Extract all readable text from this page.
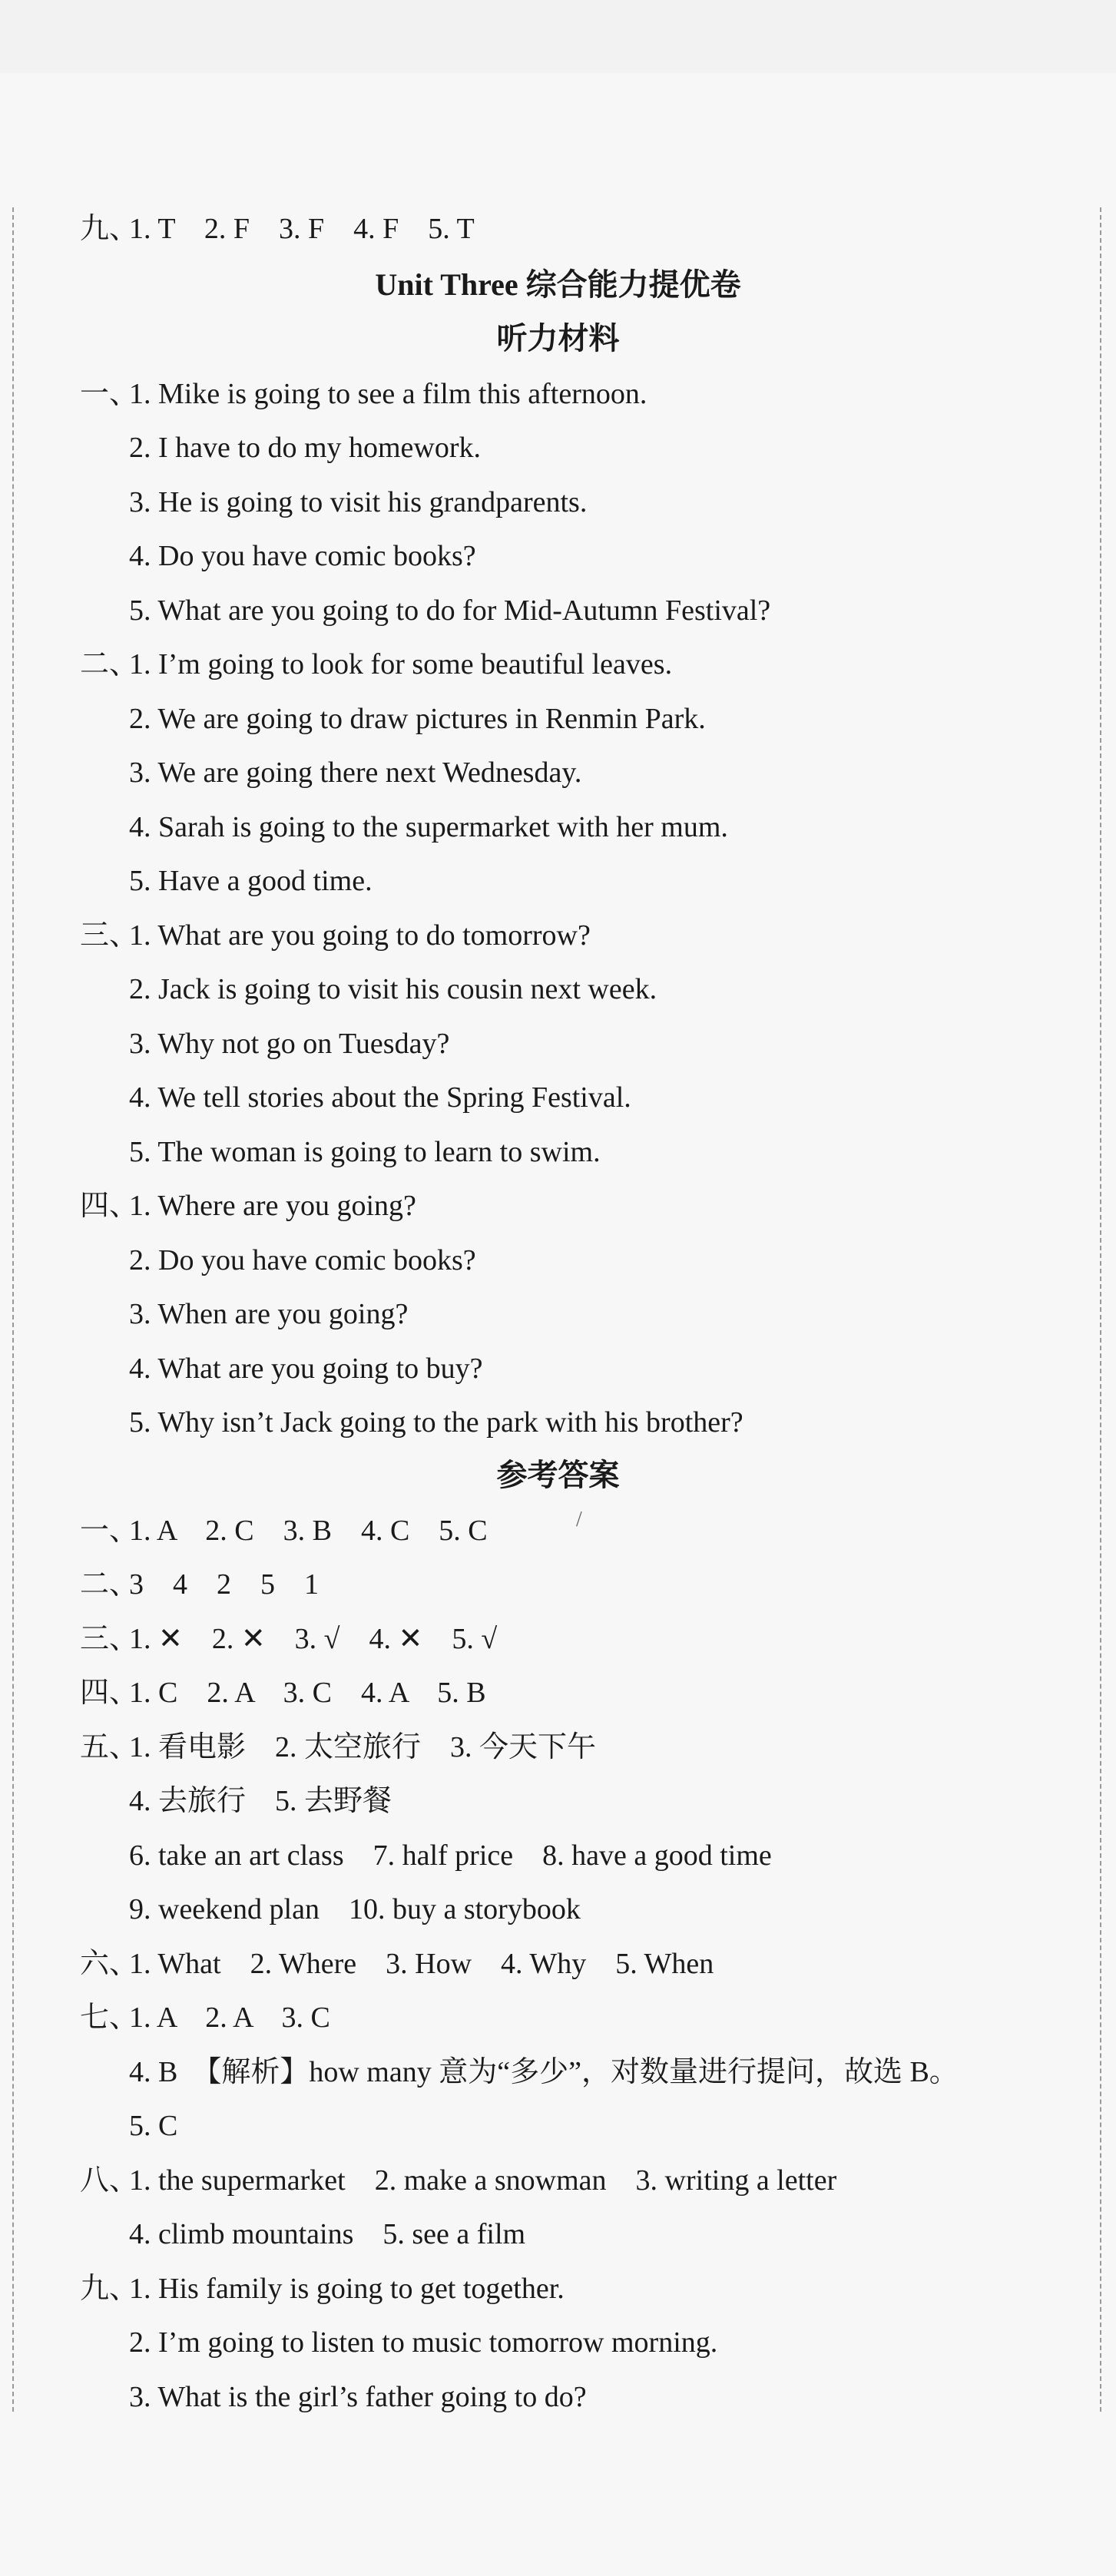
九、
1. T　2. F　3. F　4. F　5. T
Unit Three 综合能力提优卷
听力材料
一、
1. Mike is going to see a film this afternoon.
2. I have to do my homework.
3. He is going to visit his grandparents.
4. Do you have comic books?
5. What are you going to do for Mid-Autumn Festival?
二、
1. I’m going to look for some beautiful leaves.
2. We are going to draw pictures in Renmin Park.
3. We are going there next Wednesday.
4. Sarah is going to the supermarket with her mum.
5. Have a good time.
三、
1. What are you going to do tomorrow?
2. Jack is going to visit his cousin next week.
3. Why not go on Tuesday?
4. We tell stories about the Spring Festival.
5. The woman is going to learn to swim.
四、
1. Where are you going?
2. Do you have comic books?
3. When are you going?
4. What are you going to buy?
5. Why isn’t Jack going to the park with his brother?
参考答案
/
一、
1. A　2. C　3. B　4. C　5. C
二、
3　4　2　5　1
三、
1. ✕　2. ✕　3. √　4. ✕　5. √
四、
1. C　2. A　3. C　4. A　5. B
五、
1. 看电影　2. 太空旅行　3. 今天下午
4. 去旅行　5. 去野餐
6. take an art class　7. half price　8. have a good time
9. weekend plan　10. buy a storybook
六、
1. What　2. Where　3. How　4. Why　5. When
七、
1. A　2. A　3. C
4. B　【解析】how many 意为“多少”，对数量进行提问，故选 B。
5. C
八、
1. the supermarket　2. make a snowman　3. writing a letter
4. climb mountains　5. see a film
九、
1. His family is going to get together.
2. I’m going to listen to music tomorrow morning.
3. What is the girl’s father going to do?
